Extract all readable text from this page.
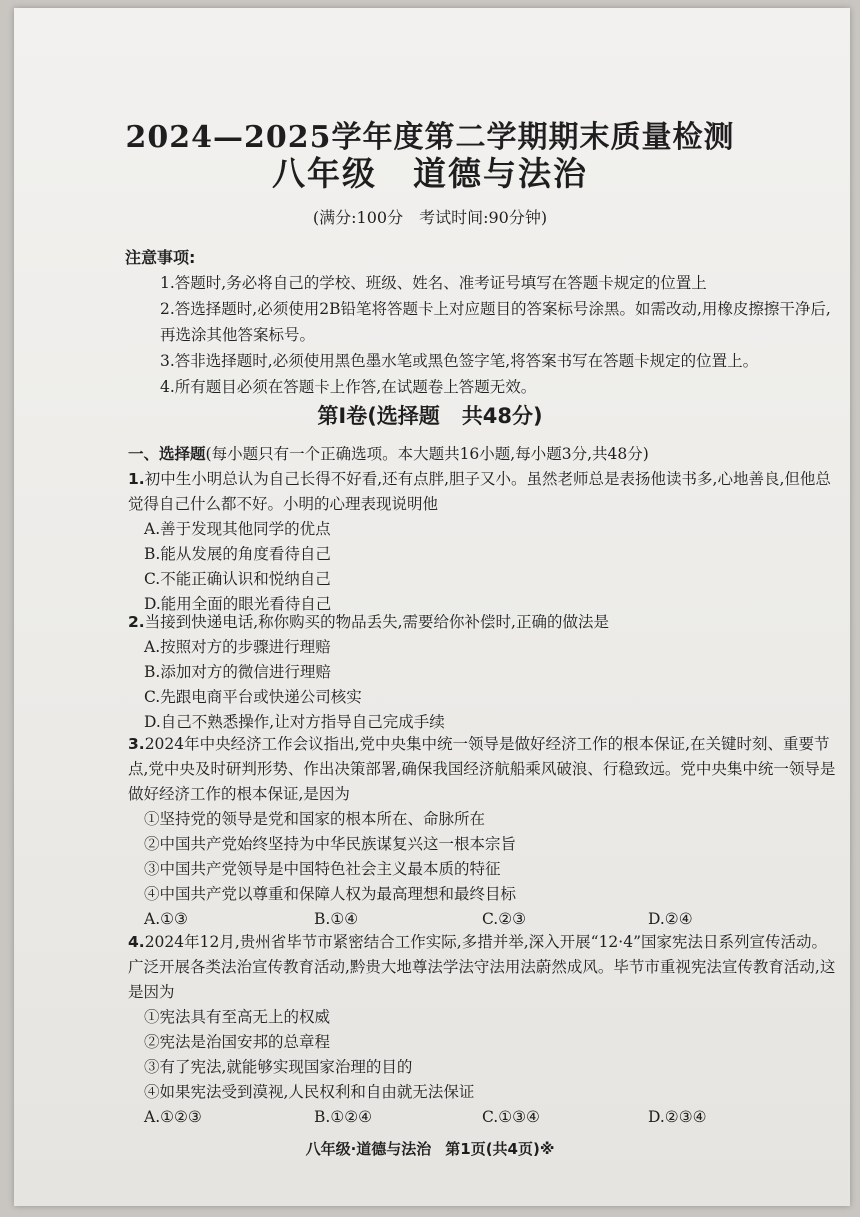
2024—2025学年度第二学期期末质量检测
八年级 道德与法治
(满分:100分　考试时间:90分钟)
注意事项:
1.答题时,务必将自己的学校、班级、姓名、准考证号填写在答题卡规定的位置上
2.答选择题时,必须使用2B铅笔将答题卡上对应题目的答案标号涂黑。如需改动,用橡皮擦擦干净后,再选涂其他答案标号。
3.答非选择题时,必须使用黑色墨水笔或黑色签字笔,将答案书写在答题卡规定的位置上。
4.所有题目必须在答题卡上作答,在试题卷上答题无效。
第Ⅰ卷(选择题 共48分)
一、选择题(每小题只有一个正确选项。本大题共16小题,每小题3分,共48分)
1.初中生小明总认为自己长得不好看,还有点胖,胆子又小。虽然老师总是表扬他读书多,心地善良,但他总觉得自己什么都不好。小明的心理表现说明他
A.善于发现其他同学的优点
B.能从发展的角度看待自己
C.不能正确认识和悦纳自己
D.能用全面的眼光看待自己
2.当接到快递电话,称你购买的物品丢失,需要给你补偿时,正确的做法是
A.按照对方的步骤进行理赔
B.添加对方的微信进行理赔
C.先跟电商平台或快递公司核实
D.自己不熟悉操作,让对方指导自己完成手续
3.2024年中央经济工作会议指出,党中央集中统一领导是做好经济工作的根本保证,在关键时刻、重要节点,党中央及时研判形势、作出决策部署,确保我国经济航船乘风破浪、行稳致远。党中央集中统一领导是做好经济工作的根本保证,是因为
①坚持党的领导是党和国家的根本所在、命脉所在
②中国共产党始终坚持为中华民族谋复兴这一根本宗旨
③中国共产党领导是中国特色社会主义最本质的特征
④中国共产党以尊重和保障人权为最高理想和最终目标
A.①③	B.①④	C.②③	D.②④
4.2024年12月,贵州省毕节市紧密结合工作实际,多措并举,深入开展“12·4”国家宪法日系列宣传活动。广泛开展各类法治宣传教育活动,黔贵大地尊法学法守法用法蔚然成风。毕节市重视宪法宣传教育活动,这是因为
①宪法具有至高无上的权威
②宪法是治国安邦的总章程
③有了宪法,就能够实现国家治理的目的
④如果宪法受到漠视,人民权利和自由就无法保证
A.①②③	B.①②④	C.①③④	D.②③④
八年级·道德与法治 第1页(共4页)※
